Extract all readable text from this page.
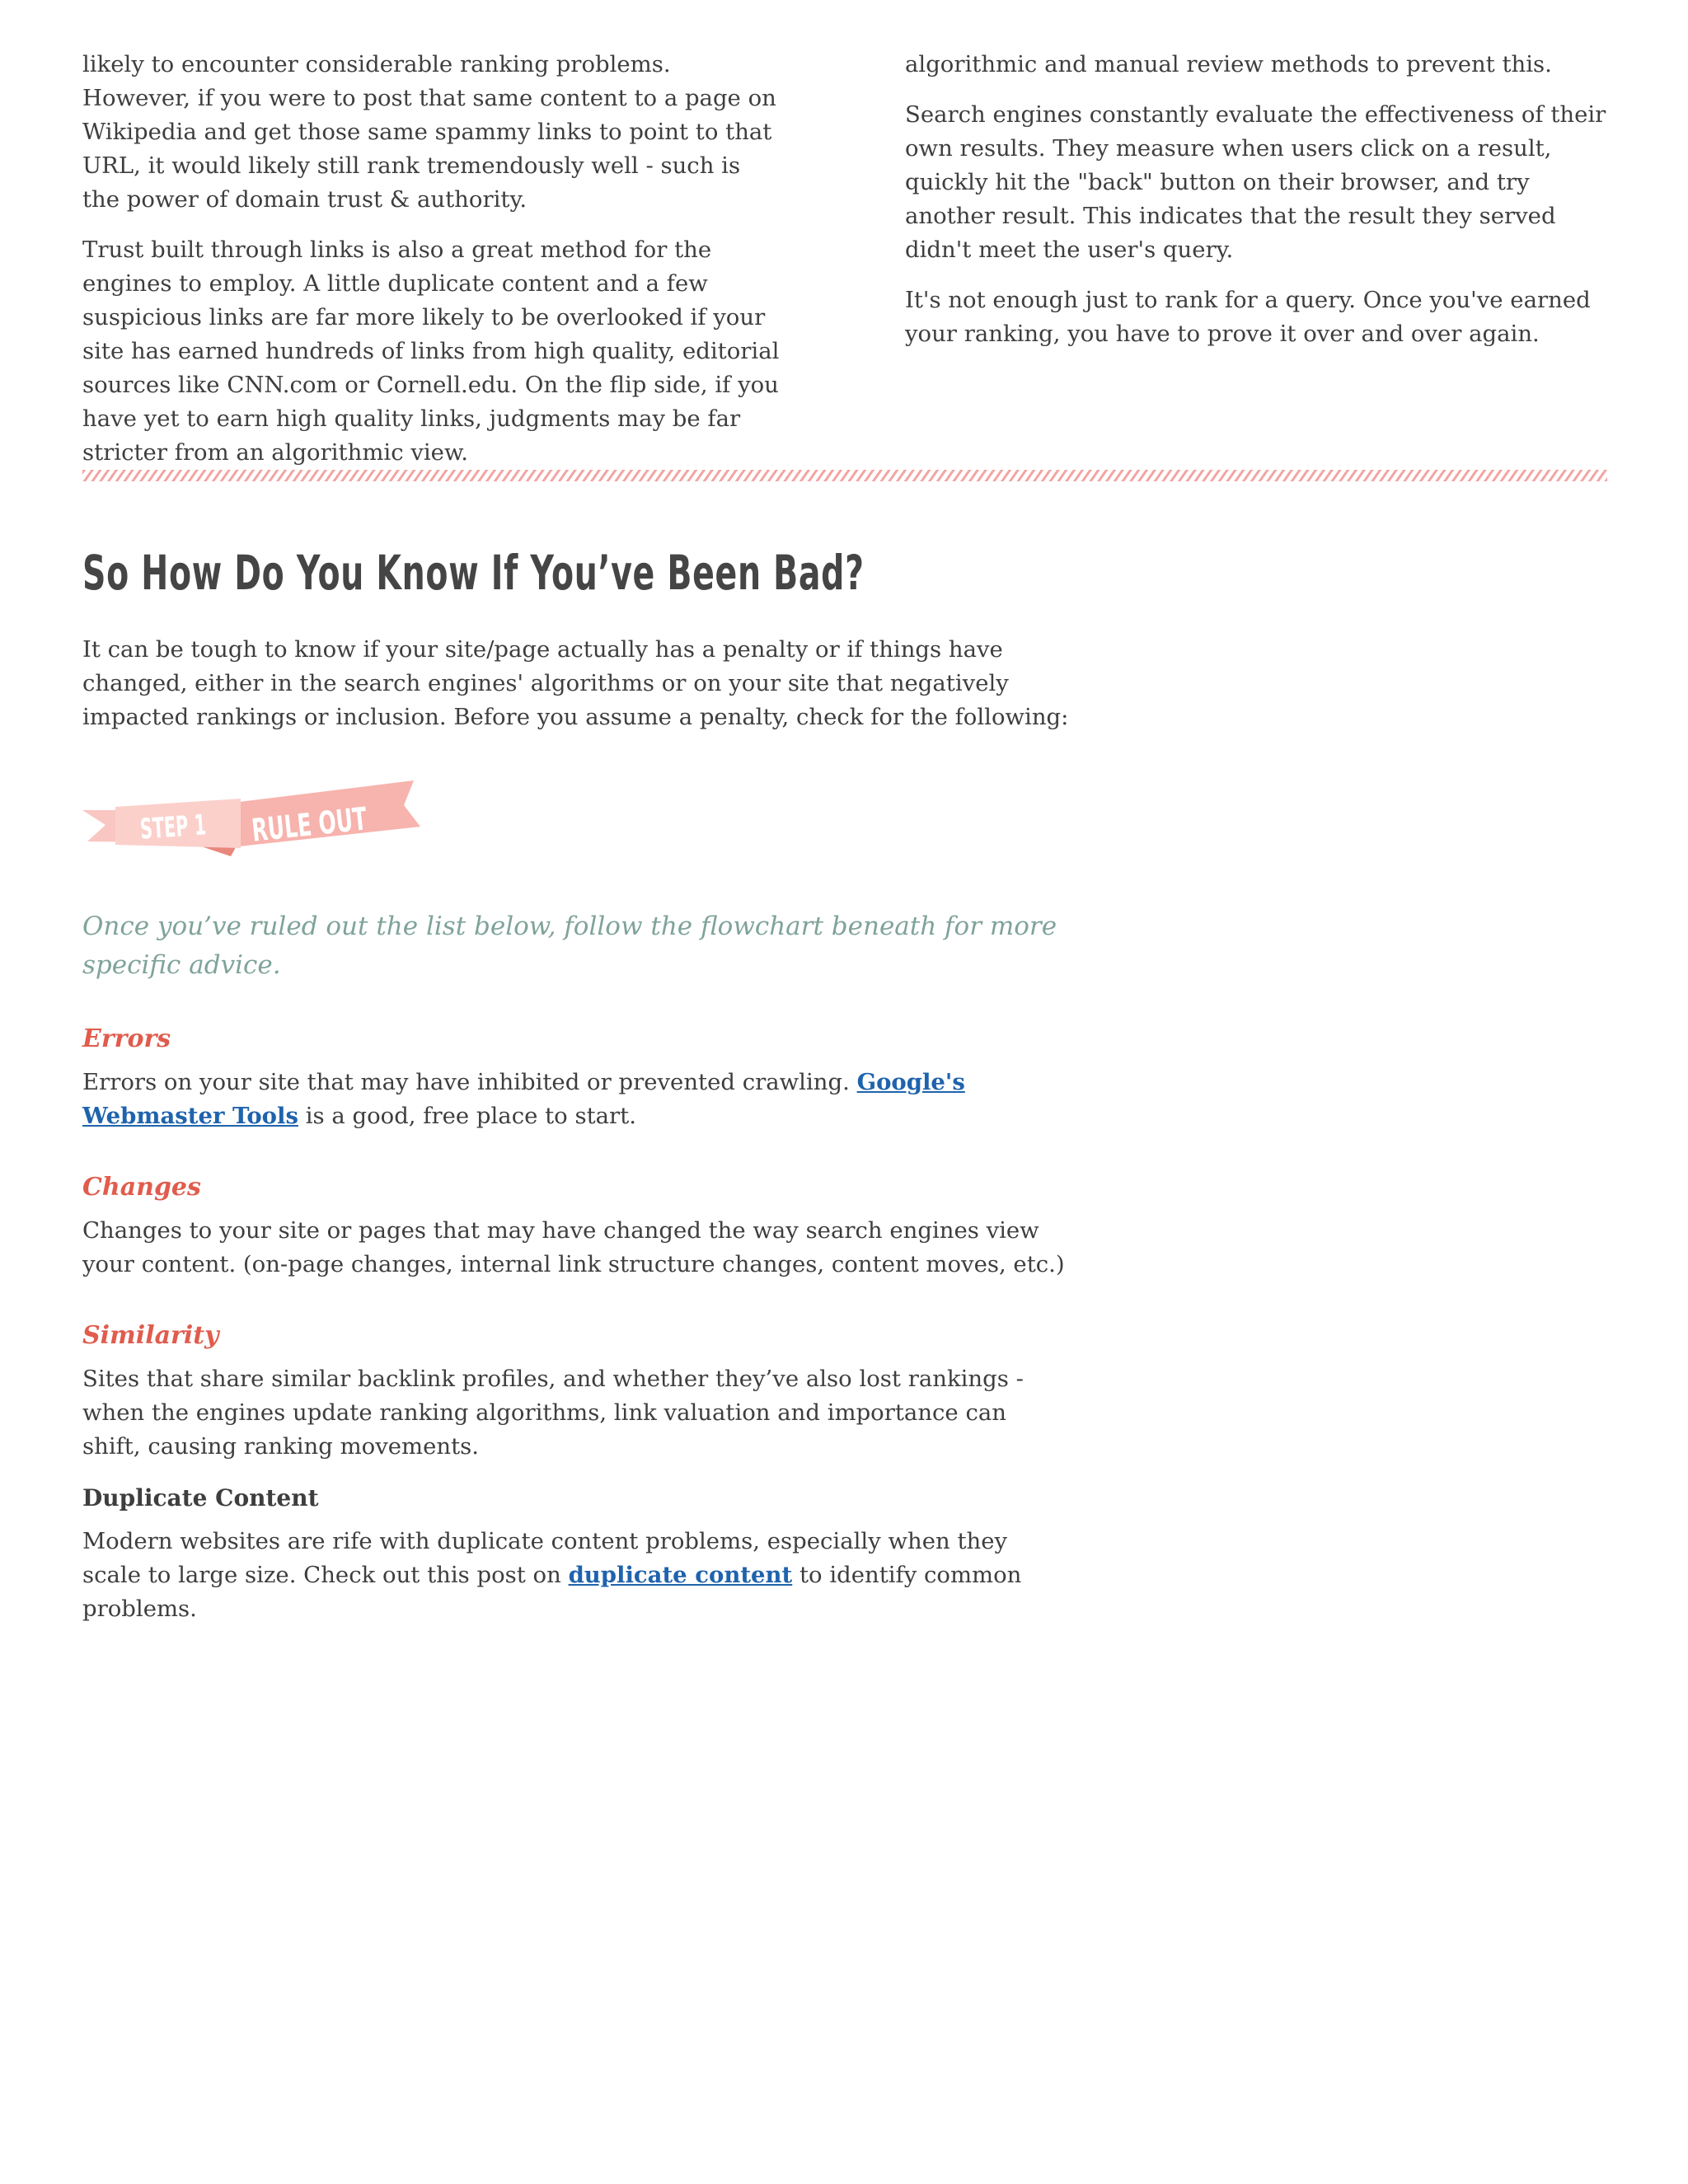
likely to encounter considerable ranking problems. However, if you were to post that same content to a page on Wikipedia and get those same spammy links to point to that URL, it would likely still rank tremendously well - such is the power of domain trust & authority.

Trust built through links is also a great method for the engines to employ. A little duplicate content and a few suspicious links are far more likely to be overlooked if your site has earned hundreds of links from high quality, editorial sources like CNN.com or Cornell.edu. On the flip side, if you have yet to earn high quality links, judgments may be far stricter from an algorithmic view.

algorithmic and manual review methods to prevent this.

Search engines constantly evaluate the effectiveness of their own results. They measure when users click on a result, quickly hit the "back" button on their browser, and try another result. This indicates that the result they served didn't meet the user's query.

It's not enough just to rank for a query. Once you've earned your ranking, you have to prove it over and over again.

So How Do You Know If You’ve Been Bad?

It can be tough to know if your site/page actually has a penalty or if things have changed, either in the search engines' algorithms or on your site that negatively impacted rankings or inclusion. Before you assume a penalty, check for the following:

STEP 1 RULE OUT

Once you’ve ruled out the list below, follow the flowchart beneath for more specific advice.

Errors

Errors on your site that may have inhibited or prevented crawling. Google's Webmaster Tools is a good, free place to start.

Changes

Changes to your site or pages that may have changed the way search engines view your content. (on-page changes, internal link structure changes, content moves, etc.)

Similarity

Sites that share similar backlink profiles, and whether they’ve also lost rankings - when the engines update ranking algorithms, link valuation and importance can shift, causing ranking movements.

Duplicate Content

Modern websites are rife with duplicate content problems, especially when they scale to large size. Check out this post on duplicate content to identify common problems.
